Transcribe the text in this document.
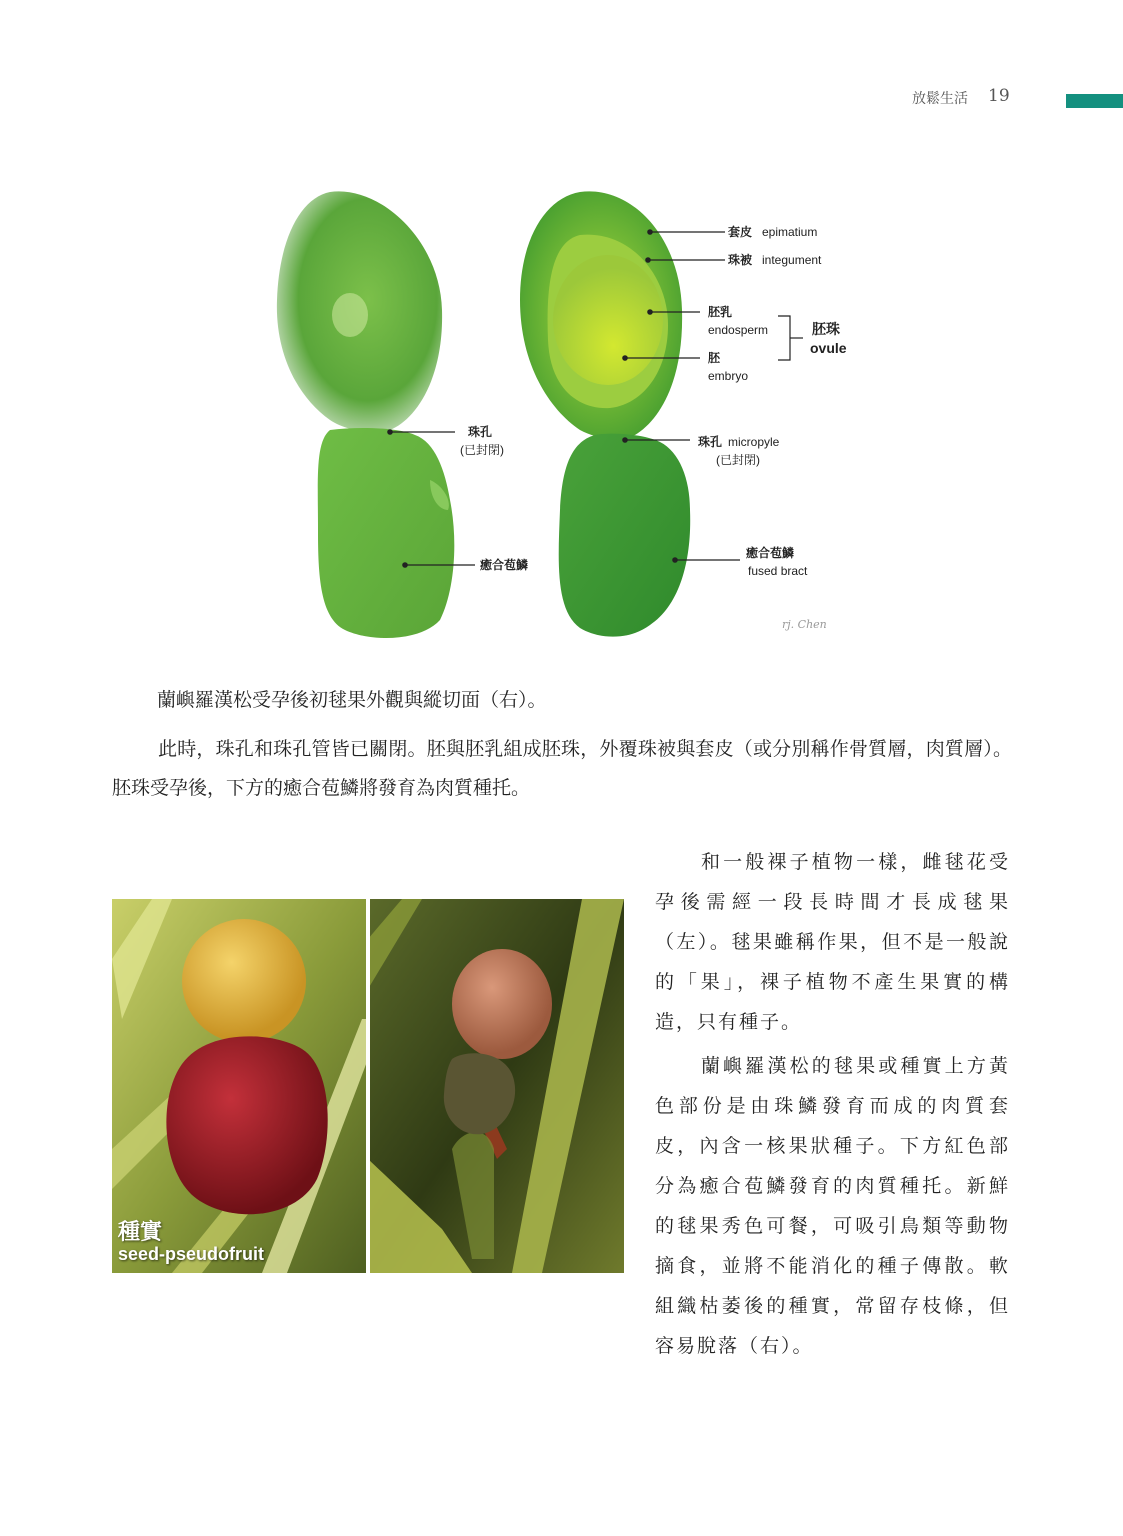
放鬆生活 19
套皮 epimatium
珠被 integument
胚乳
endosperm	胚珠
ovule
胚
embryo
珠孔
(已封閉)
珠孔 micropyle
(已封閉)
癒合苞鱗
癒合苞鱗
fused bract
rj. Chen
蘭嶼羅漢松受孕後初毬果外觀與縱切面（右）。
此時，珠孔和珠孔管皆已關閉。胚與胚乳組成胚珠，外覆珠被與套皮（或分別稱作骨質層，肉質層）。胚珠受孕後，下方的癒合苞鱗將發育為肉質種托。
種實
seed-pseudofruit

和一般裸子植物一樣，雌毬花受孕後需經一段長時間才長成毬果（左）。毬果雖稱作果，但不是一般說的「果」，裸子植物不產生果實的構造，只有種子。

蘭嶼羅漢松的毬果或種實上方黃色部份是由珠鱗發育而成的肉質套皮，內含一核果狀種子。下方紅色部分為癒合苞鱗發育的肉質種托。新鮮的毬果秀色可餐，可吸引鳥類等動物摘食，並將不能消化的種子傳散。軟組織枯萎後的種實，常留存枝條，但容易脫落（右）。
